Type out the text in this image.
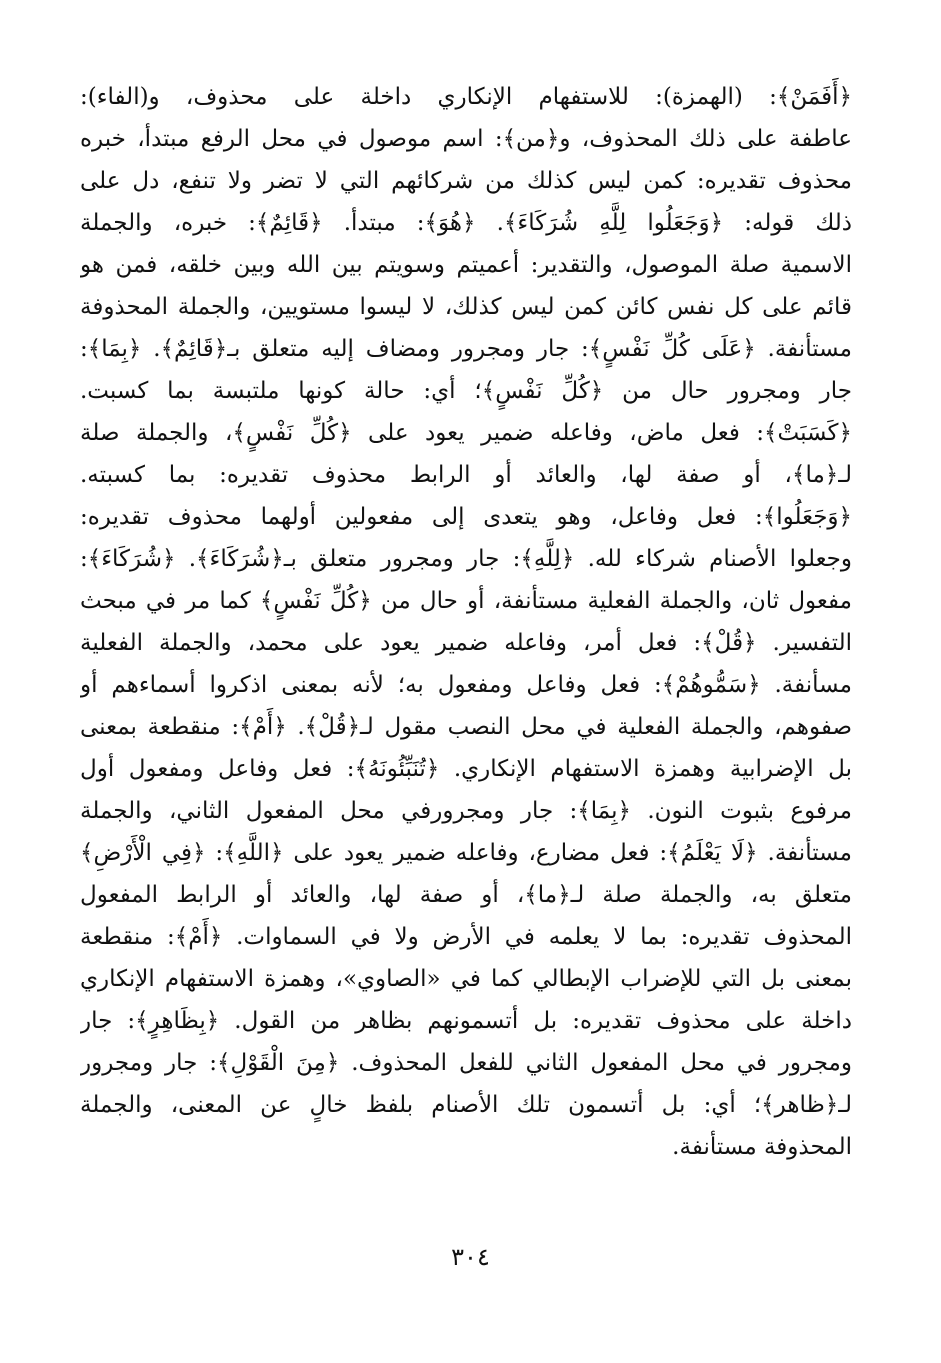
﴿أَفَمَنْ﴾: (الهمزة): للاستفهام الإنكاري داخلة على محذوف، و(الفاء):
عاطفة على ذلك المحذوف، و﴿من﴾: اسم موصول في محل الرفع مبتدأ، خبره
محذوف تقديره: كمن ليس كذلك من شركائهم التي لا تضر ولا تنفع، دل على
ذلك قوله: ﴿وَجَعَلُوا لِلَّهِ شُرَكَاءَ﴾. ﴿هُوَ﴾: مبتدأ. ﴿قَائِمٌ﴾: خبره، والجملة
الاسمية صلة الموصول، والتقدير: أعميتم وسويتم بين الله وبين خلقه، فمن هو
قائم على كل نفس كائن كمن ليس كذلك، لا ليسوا مستويين، والجملة المحذوفة
مستأنفة. ﴿عَلَى كُلِّ نَفْسٍ﴾: جار ومجرور ومضاف إليه متعلق بـ﴿قَائِمٌ﴾. ﴿بِمَا﴾:
جار ومجرور حال من ﴿كُلِّ نَفْسٍ﴾؛ أي: حالة كونها ملتبسة بما كسبت.
﴿كَسَبَتْ﴾: فعل ماض، وفاعله ضمير يعود على ﴿كُلِّ نَفْسٍ﴾، والجملة صلة
لـ﴿ما﴾، أو صفة لها، والعائد أو الرابط محذوف تقديره: بما كسبته.
﴿وَجَعَلُوا﴾: فعل وفاعل، وهو يتعدى إلى مفعولين أولهما محذوف تقديره:
وجعلوا الأصنام شركاء لله. ﴿لِلَّهِ﴾: جار ومجرور متعلق بـ﴿شُرَكَاءَ﴾. ﴿شُرَكَاءَ﴾:
مفعول ثان، والجملة الفعلية مستأنفة، أو حال من ﴿كُلِّ نَفْسٍ﴾ كما مر في مبحث
التفسير. ﴿قُلْ﴾: فعل أمر، وفاعله ضمير يعود على محمد، والجملة الفعلية
مسأنفة. ﴿سَمُّوهُمْ﴾: فعل وفاعل ومفعول به؛ لأنه بمعنى اذكروا أسماءهم أو
صفوهم، والجملة الفعلية في محل النصب مقول لـ﴿قُلْ﴾. ﴿أَمْ﴾: منقطعة بمعنى
بل الإضرابية وهمزة الاستفهام الإنكاري. ﴿تُنَبِّئُونَهُ﴾: فعل وفاعل ومفعول أول
مرفوع بثبوت النون. ﴿بِمَا﴾: جار ومجرورفي محل المفعول الثاني، والجملة
مستأنفة. ﴿لَا يَعْلَمُ﴾: فعل مضارع، وفاعله ضمير يعود على ﴿اللَّهِ﴾: ﴿فِي الْأَرْضِ﴾
متعلق به، والجملة صلة لـ﴿ما﴾، أو صفة لها، والعائد أو الرابط المفعول
المحذوف تقديره: بما لا يعلمه في الأرض ولا في السماوات. ﴿أَمْ﴾: منقطعة
بمعنى بل التي للإضراب الإبطالي كما في «الصاوي»، وهمزة الاستفهام الإنكاري
داخلة على محذوف تقديره: بل أتسمونهم بظاهر من القول. ﴿بِظَاهِرٍ﴾: جار
ومجرور في محل المفعول الثاني للفعل المحذوف. ﴿مِنَ الْقَوْلِ﴾: جار ومجرور
لـ﴿ظاهر﴾؛ أي: بل أتسمون تلك الأصنام بلفظ خالٍ عن المعنى، والجملة
المحذوفة مستأنفة.
٣٠٤
